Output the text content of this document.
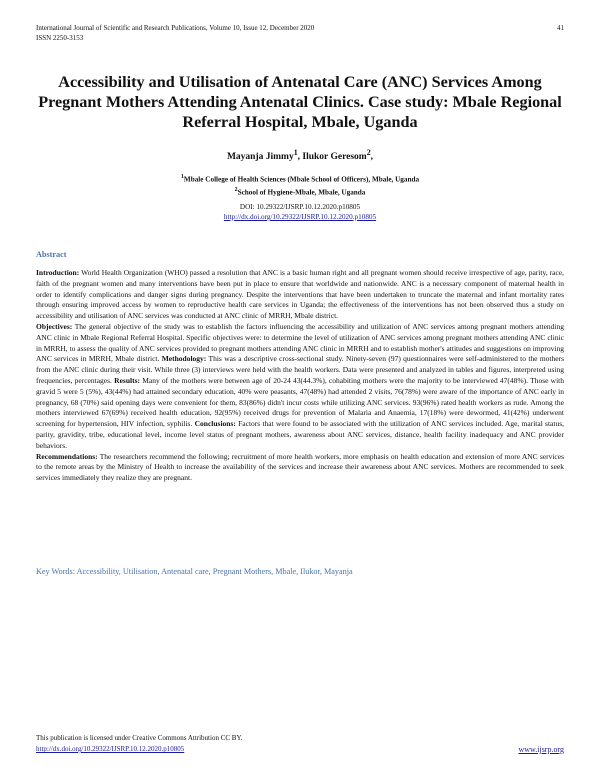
International Journal of Scientific and Research Publications, Volume 10, Issue 12, December 2020
ISSN 2250-3153
41
Accessibility and Utilisation of Antenatal Care (ANC) Services Among Pregnant Mothers Attending Antenatal Clinics. Case study: Mbale Regional Referral Hospital, Mbale, Uganda
Mayanja Jimmy$^1$, Ilukor Geresom$^2$,
$^1$Mbale College of Health Sciences (Mbale School of Officers), Mbale, Uganda
$^2$School of Hygiene-Mbale, Mbale, Uganda
DOI: 10.29322/IJSRP.10.12.2020.p10805
http://dx.doi.org/10.29322/IJSRP.10.12.2020.p10805
Abstract

Introduction: World Health Organization (WHO) passed a resolution that ANC is a basic human right and all pregnant women should receive irrespective of age, parity, race, faith of the pregnant women and many interventions have been put in place to ensure that worldwide and nationwide. ANC is a necessary component of maternal health in order to identify complications and danger signs during pregnancy. Despite the interventions that have been undertaken to truncate the maternal and infant mortality rates through ensuring improved access by women to reproductive health care services in Uganda; the effectiveness of the interventions has not been observed thus a study on accessibility and utilisation of ANC services was conducted at ANC clinic of MRRH, Mbale district.

Objectives: The general objective of the study was to establish the factors influencing the accessibility and utilization of ANC services among pregnant mothers attending ANC clinic in Mbale Regional Referral Hospital. Specific objectives were: to determine the level of utilization of ANC services among pregnant mothers attending ANC clinic in MRRH, to assess the quality of ANC services provided to pregnant mothers attending ANC clinic in MRRH and to establish mother's attitudes and suggestions on improving ANC services in MRRH, Mbale district. Methodology: This was a descriptive cross-sectional study. Ninety-seven (97) questionnaires were self-administered to the mothers from the ANC clinic during their visit. While three (3) interviews were held with the health workers. Data were presented and analyzed in tables and figures, interpreted using frequencies, percentages. Results: Many of the mothers were between age of 20-24 43(44.3%), cohabiting mothers were the majority to be interviewed 47(48%). Those with gravid 5 were 5 (5%), 43(44%) had attained secondary education, 40% were peasants, 47(48%) had attended 2 visits, 76(78%) were aware of the importance of ANC early in pregnancy, 68 (70%) said opening days were convenient for them, 83(86%) didn't incur costs while utilizing ANC services. 93(96%) rated health workers as rude. Among the mothers interviewed 67(69%) received health education, 92(95%) received drugs for prevention of Malaria and Anaemia, 17(18%) were dewormed, 41(42%) underwent screening for hypertension, HIV infection, syphilis. Conclusions: Factors that were found to be associated with the utilization of ANC services included. Age, marital status, parity, gravidity, tribe, educational level, income level status of pregnant mothers, awareness about ANC services, distance, health facility inadequacy and ANC provider behaviors.

Recommendations: The researchers recommend the following; recruitment of more health workers, more emphasis on health education and extension of more ANC services to the remote areas by the Ministry of Health to increase the availability of the services and increase their awareness about ANC services. Mothers are recommended to seek services immediately they realize they are pregnant.

Key Words: Accessibility, Utilisation, Antenatal care, Pregnant Mothers, Mbale, Ilukor, Mayanja
This publication is licensed under Creative Commons Attribution CC BY.
http://dx.doi.org/10.29322/IJSRP.10.12.2020.p10805	www.ijsrp.org
